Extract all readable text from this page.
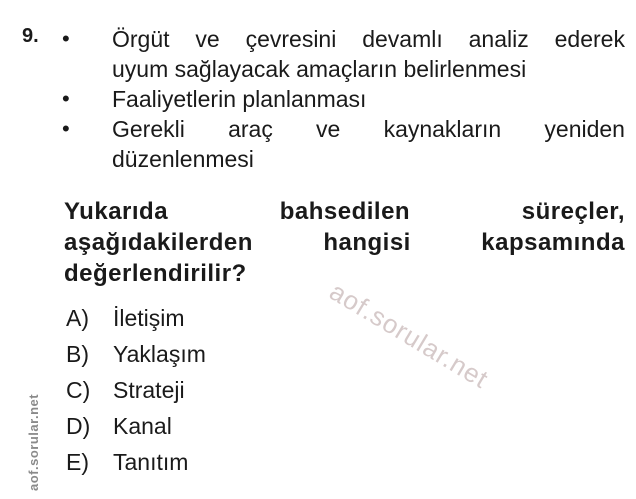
9. •	Örgüt ve çevresini devamlı analiz ederek
uyum sağlayacak amaçların belirlenmesi
•	Faaliyetlerin planlanması
•	Gerekli araç ve kaynakların yeniden
düzenlenmesi
Yukarıda	bahsedilen	süreçler,
aşağıdakilerden	hangisi	kapsamında
değerlendirilir?
A)	İletişim
B)	Yaklaşım
C) Strateji
D) Kanal
E)	Tanıtım
aof.sorular.net
aof.sorular.net
